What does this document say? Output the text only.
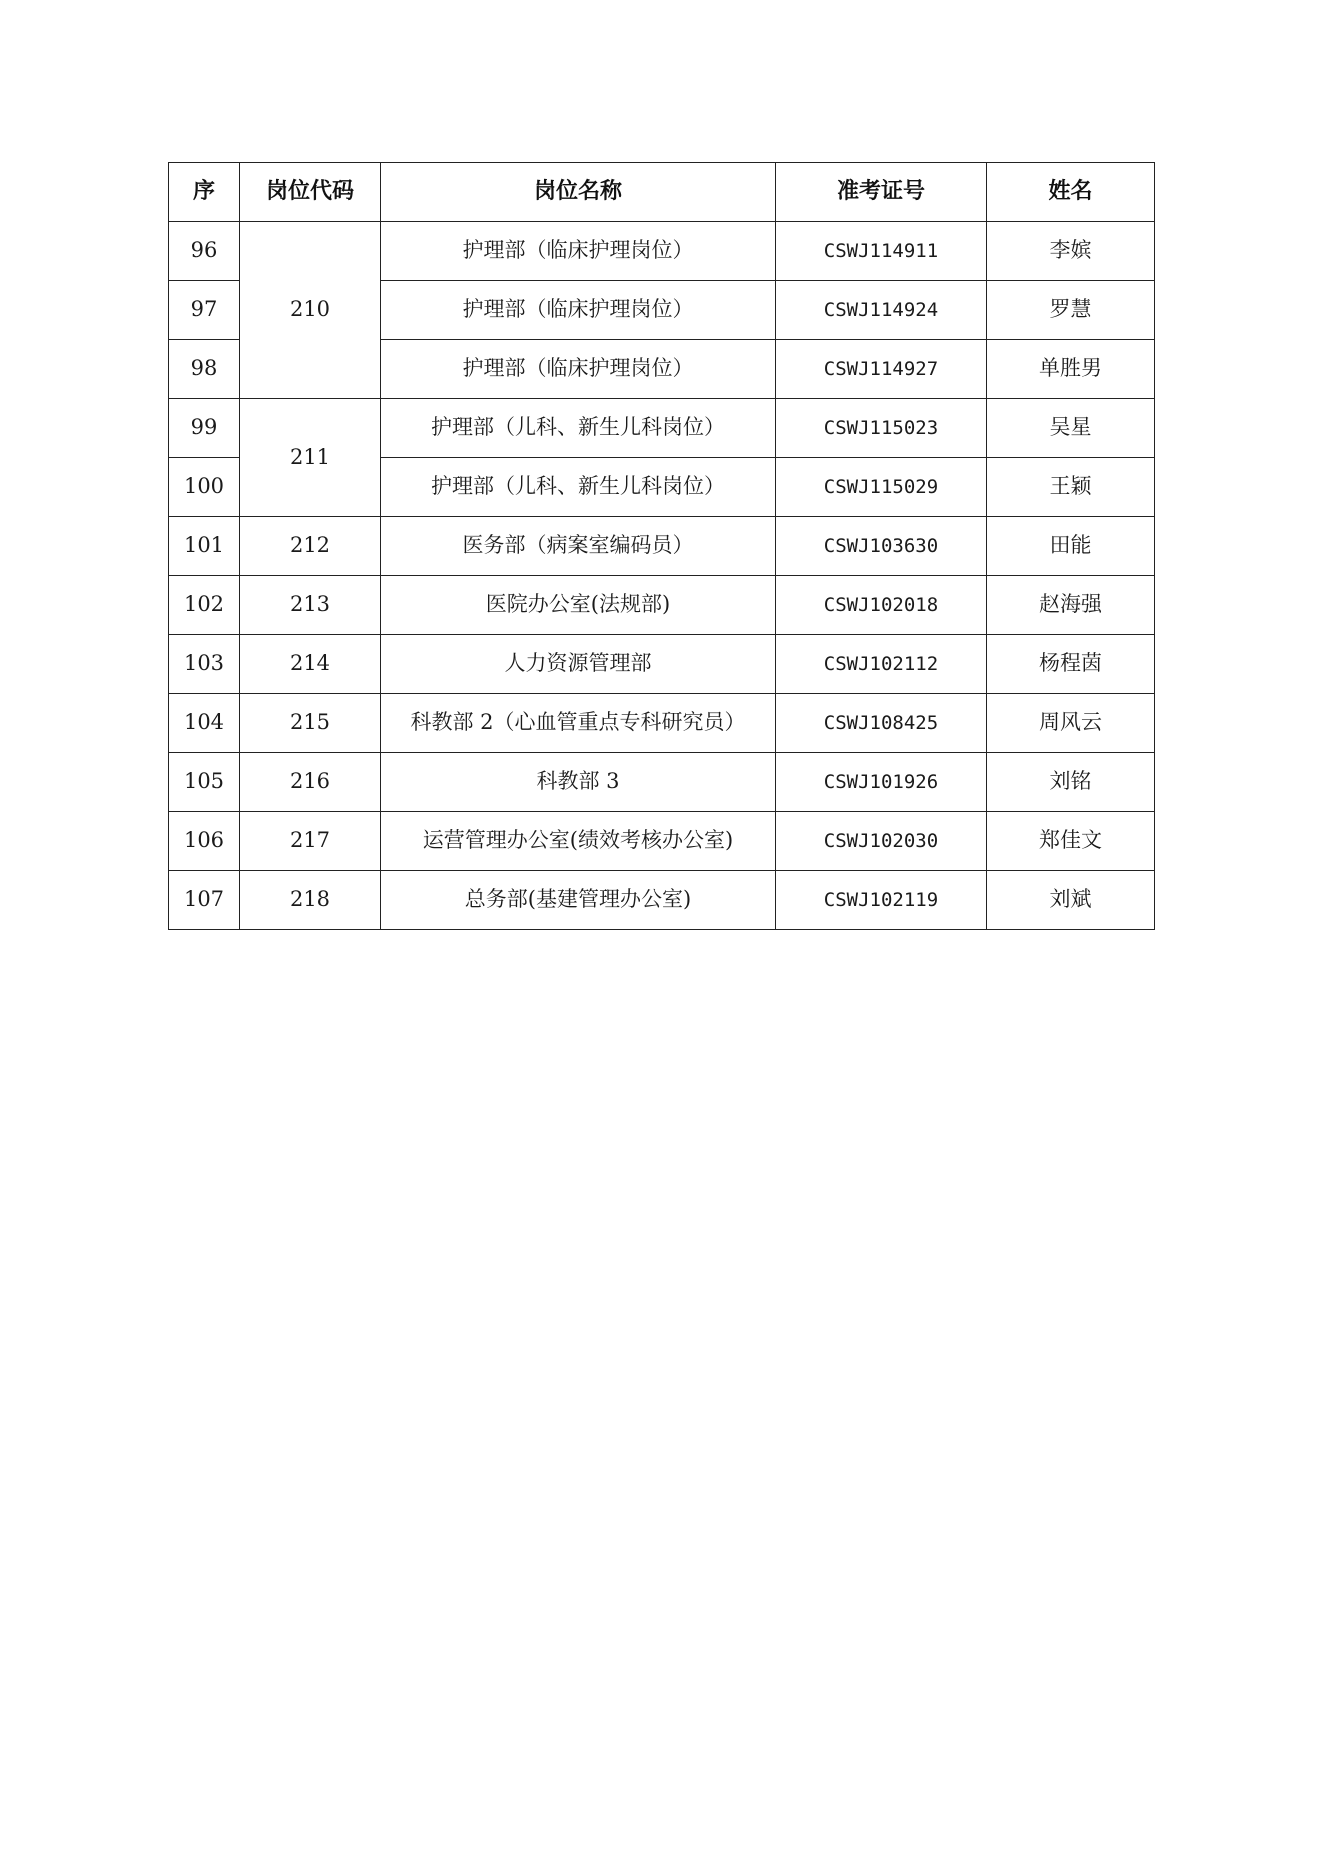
序	岗位代码	岗位名称	准考证号	姓名
96	210	护理部（临床护理岗位）	CSWJ114911	李嫔
97		护理部（临床护理岗位）	CSWJ114924	罗慧
98		护理部（临床护理岗位）	CSWJ114927	单胜男
99	211	护理部（儿科、新生儿科岗位）	CSWJ115023	吴星
100		护理部（儿科、新生儿科岗位）	CSWJ115029	王颖
101	212	医务部（病案室编码员）	CSWJ103630	田能
102	213	医院办公室(法规部)	CSWJ102018	赵海强
103	214	人力资源管理部	CSWJ102112	杨程茵
104	215	科教部 2（心血管重点专科研究员）	CSWJ108425	周风云
105	216	科教部 3	CSWJ101926	刘铭
106	217	运营管理办公室(绩效考核办公室)	CSWJ102030	郑佳文
107	218	总务部(基建管理办公室)	CSWJ102119	刘斌
